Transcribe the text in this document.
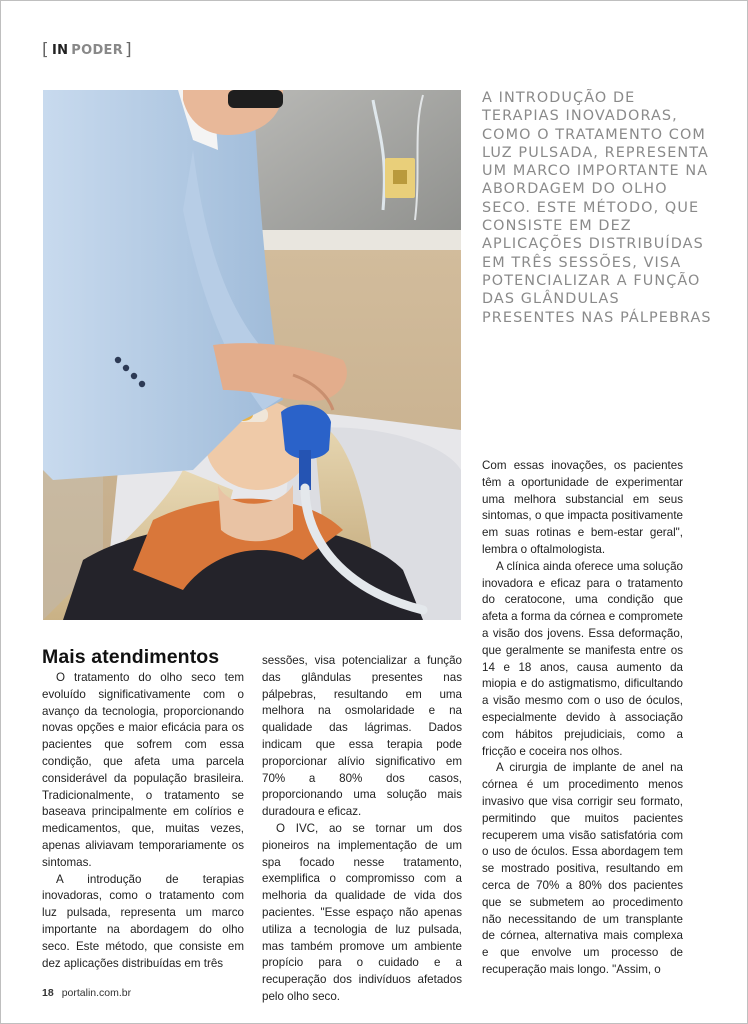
[ IN PODER ]
A INTRODUÇÃO DE TERAPIAS INOVADORAS, COMO O TRATAMENTO COM LUZ PULSADA, REPRESENTA UM MARCO IMPORTANTE NA ABORDAGEM DO OLHO SECO. ESTE MÉTODO, QUE CONSISTE EM DEZ APLICAÇÕES DISTRIBUÍDAS EM TRÊS SESSÕES, VISA POTENCIALIZAR A FUNÇÃO DAS GLÂNDULAS PRESENTES NAS PÁLPEBRAS
Mais atendimentos

O tratamento do olho seco tem evoluído significativamente com o avanço da tecnologia, proporcionando novas opções e maior eficácia para os pacientes que sofrem com essa condição, que afeta uma parcela considerável da população brasileira. Tradicionalmente, o tratamento se baseava principalmente em colírios e medicamentos, que, muitas vezes, apenas aliviavam temporariamente os sintomas.

A introdução de terapias inovadoras, como o tratamento com luz pulsada, representa um marco importante na abordagem do olho seco. Este método, que consiste em dez aplicações distribuídas em três

sessões, visa potencializar a função das glândulas presentes nas pálpebras, resultando em uma melhora na osmolaridade e na qualidade das lágrimas. Dados indicam que essa terapia pode proporcionar alívio significativo em 70% a 80% dos casos, proporcionando uma solução mais duradoura e eficaz.

O IVC, ao se tornar um dos pioneiros na implementação de um spa focado nesse tratamento, exemplifica o compromisso com a melhoria da qualidade de vida dos pacientes. "Esse espaço não apenas utiliza a tecnologia de luz pulsada, mas também promove um ambiente propício para o cuidado e a recuperação dos indivíduos afetados pelo olho seco.

Com essas inovações, os pacientes têm a oportunidade de experimentar uma melhora substancial em seus sintomas, o que impacta positivamente em suas rotinas e bem-estar geral", lembra o oftalmologista.

A clínica ainda oferece uma solução inovadora e eficaz para o tratamento do ceratocone, uma condição que afeta a forma da córnea e compromete a visão dos jovens. Essa deformação, que geralmente se manifesta entre os 14 e 18 anos, causa aumento da miopia e do astigmatismo, dificultando a visão mesmo com o uso de óculos, especialmente devido à associação com hábitos prejudiciais, como a fricção e coceira nos olhos.

A cirurgia de implante de anel na córnea é um procedimento menos invasivo que visa corrigir seu formato, permitindo que muitos pacientes recuperem uma visão satisfatória com o uso de óculos. Essa abordagem tem se mostrado positiva, resultando em cerca de 70% a 80% dos pacientes que se submetem ao procedimento não necessitando de um transplante de córnea, alternativa mais complexa e que envolve um processo de recuperação mais longo. "Assim, o

18 portalin.com.br
